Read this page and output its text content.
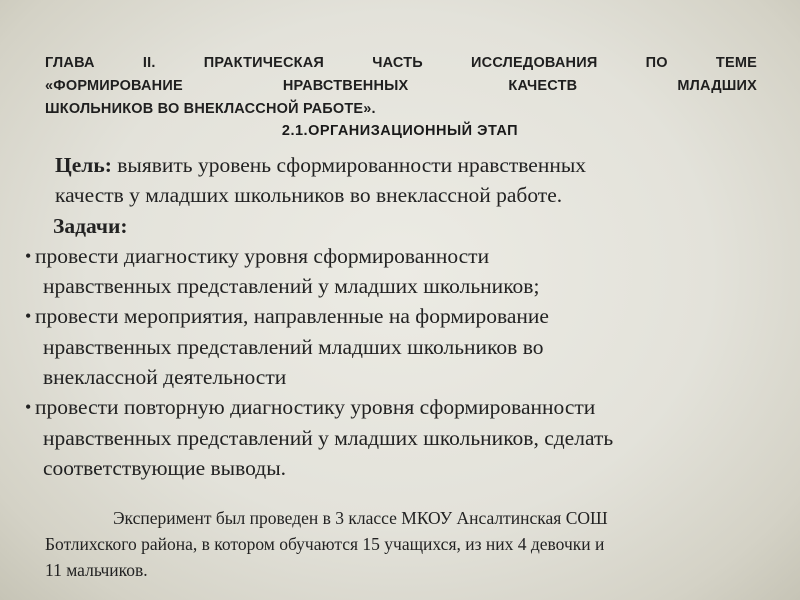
ГЛАВА II. ПРАКТИЧЕСКАЯ ЧАСТЬ ИССЛЕДОВАНИЯ ПО ТЕМЕ
«ФОРМИРОВАНИЕ НРАВСТВЕННЫХ КАЧЕСТВ МЛАДШИХ
ШКОЛЬНИКОВ ВО ВНЕКЛАССНОЙ РАБОТЕ».
2.1.ОРГАНИЗАЦИОННЫЙ ЭТАП
Цель: выявить уровень сформированности нравственных
качеств у младших школьников во внеклассной работе.
Задачи:
• провести диагностику уровня сформированности
нравственных представлений у младших школьников;
• провести мероприятия, направленные на формирование
нравственных представлений младших школьников во
внеклассной деятельности
• провести повторную диагностику уровня сформированности
нравственных представлений у младших школьников, сделать
соответствующие выводы.
Эксперимент был проведен в 3 классе МКОУ Ансалтинская СОШ
Ботлихского района, в котором обучаются 15 учащихся, из них 4 девочки и
11 мальчиков.
